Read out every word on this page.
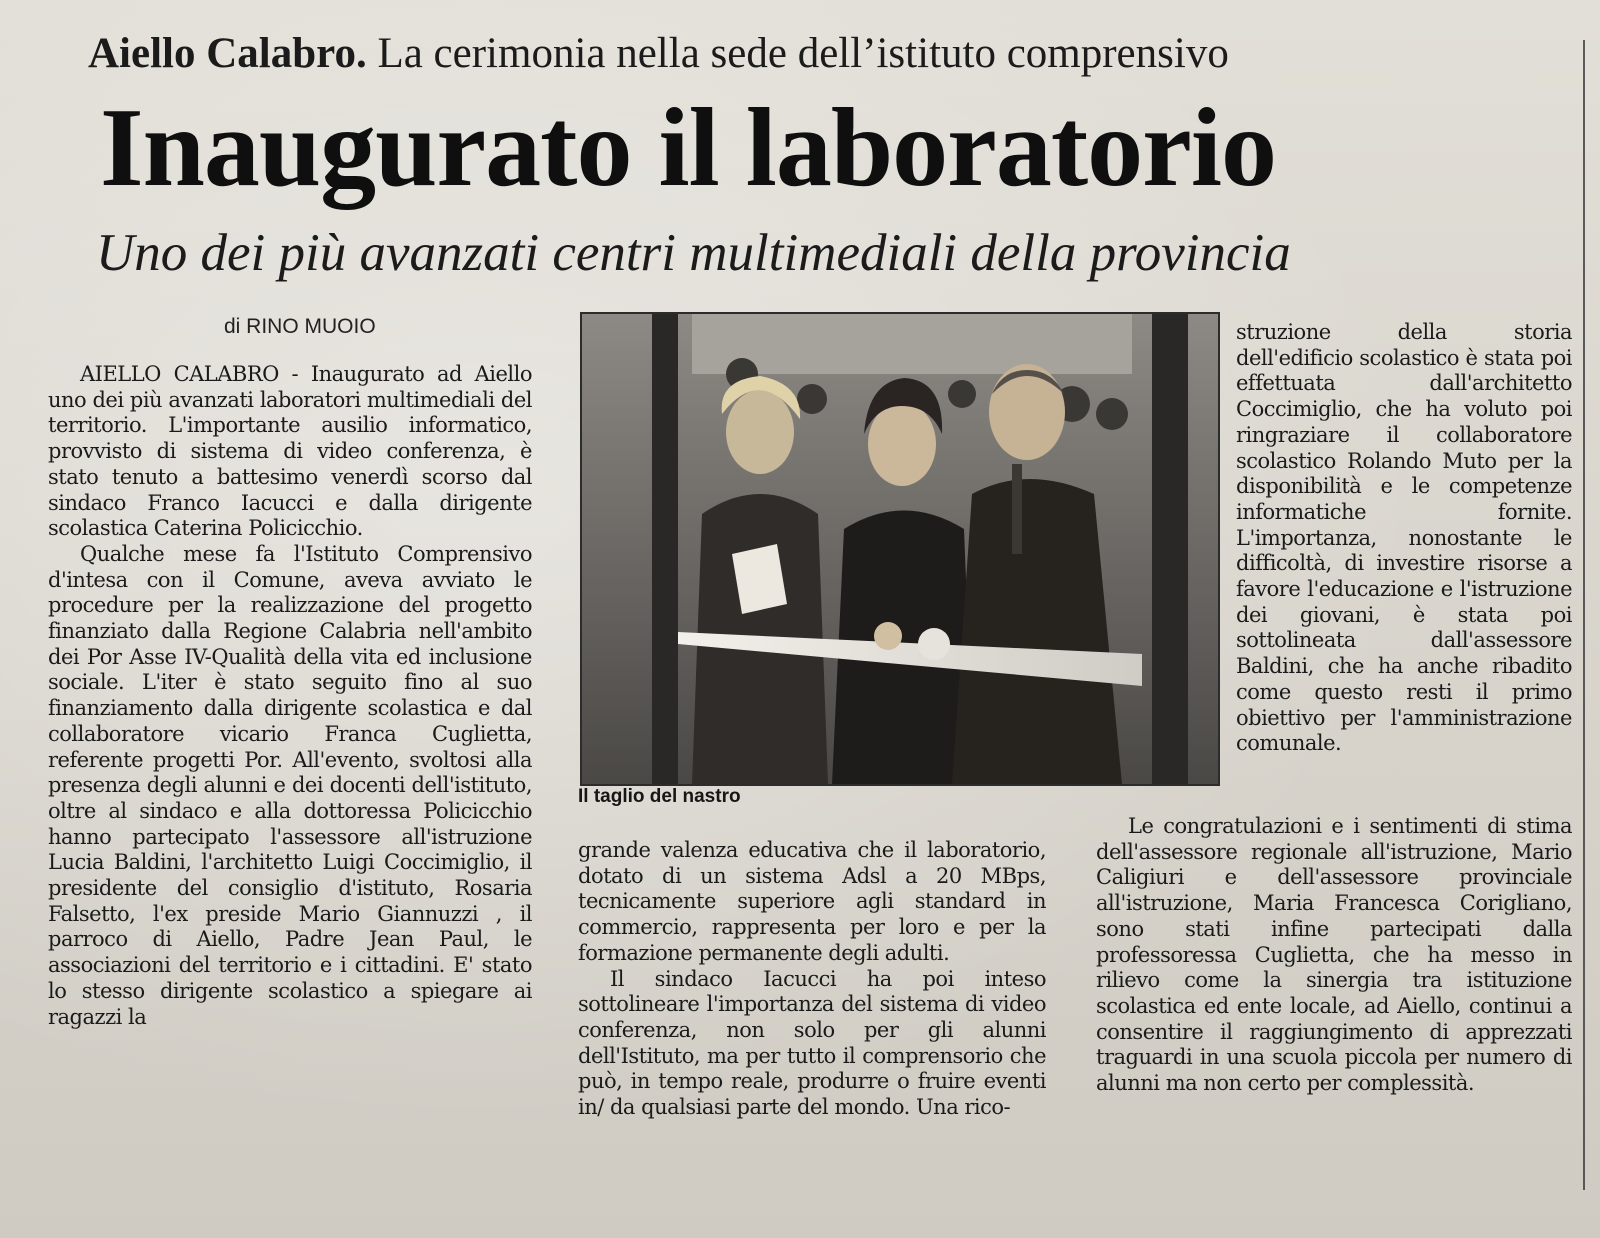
Aiello Calabro. La cerimonia nella sede dell’istituto comprensivo
Inaugurato il laboratorio
Uno dei più avanzati centri multimediali della provincia
di RINO MUOIO

AIELLO CALABRO - Inaugurato ad Aiello uno dei più avanzati laboratori multimediali del territorio. L'importante ausilio informatico, provvisto di sistema di video conferenza, è stato tenuto a battesimo venerdì scorso dal sindaco Franco Iacucci e dalla dirigente scolastica Caterina Policicchio.

Qualche mese fa l'Istituto Comprensivo d'intesa con il Comune, aveva avviato le procedure per la realizzazione del progetto finanziato dalla Regione Calabria nell'ambito dei Por Asse IV-Qualità della vita ed inclusione sociale. L'iter è stato seguito fino al suo finanziamento dalla dirigente scolastica e dal collaboratore vicario Franca Cuglietta, referente progetti Por. All'evento, svoltosi alla presenza degli alunni e dei docenti dell'istituto, oltre al sindaco e alla dottoressa Policicchio hanno partecipato l'assessore all'istruzione Lucia Baldini, l'architetto Luigi Coccimiglio, il presidente del consiglio d'istituto, Rosaria Falsetto, l'ex preside Mario Giannuzzi , il parroco di Aiello, Padre Jean Paul, le associazioni del territorio e i cittadini. E' stato lo stesso dirigente scolastico a spiegare ai ragazzi la

Il taglio del nastro

grande valenza educativa che il laboratorio, dotato di un sistema Adsl a 20 MBps, tecnicamente superiore agli standard in commercio, rappresenta per loro e per la formazione permanente degli adulti.

Il sindaco Iacucci ha poi inteso sottolineare l'importanza del sistema di video conferenza, non solo per gli alunni dell'Istituto, ma per tutto il comprensorio che può, in tempo reale, produrre o fruire eventi in/ da qualsiasi parte del mondo. Una rico-

struzione della storia dell'edificio scolastico è stata poi effettuata dall'architetto Coccimiglio, che ha voluto poi ringraziare il collaboratore scolastico Rolando Muto per la disponibilità e le competenze informatiche fornite. L'importanza, nonostante le difficoltà, di investire risorse a favore l'educazione e l'istruzione dei giovani, è stata poi sottolineata dall'assessore Baldini, che ha anche ribadito come questo resti il primo obiettivo per l'amministrazione comunale.

Le congratulazioni e i sentimenti di stima dell'assessore regionale all'istruzione, Mario Caligiuri e dell'assessore provinciale all'istruzione, Maria Francesca Corigliano, sono stati infine partecipati dalla professoressa Cuglietta, che ha messo in rilievo come la sinergia tra istituzione scolastica ed ente locale, ad Aiello, continui a consentire il raggiungimento di apprezzati traguardi in una scuola piccola per numero di alunni ma non certo per complessità.
